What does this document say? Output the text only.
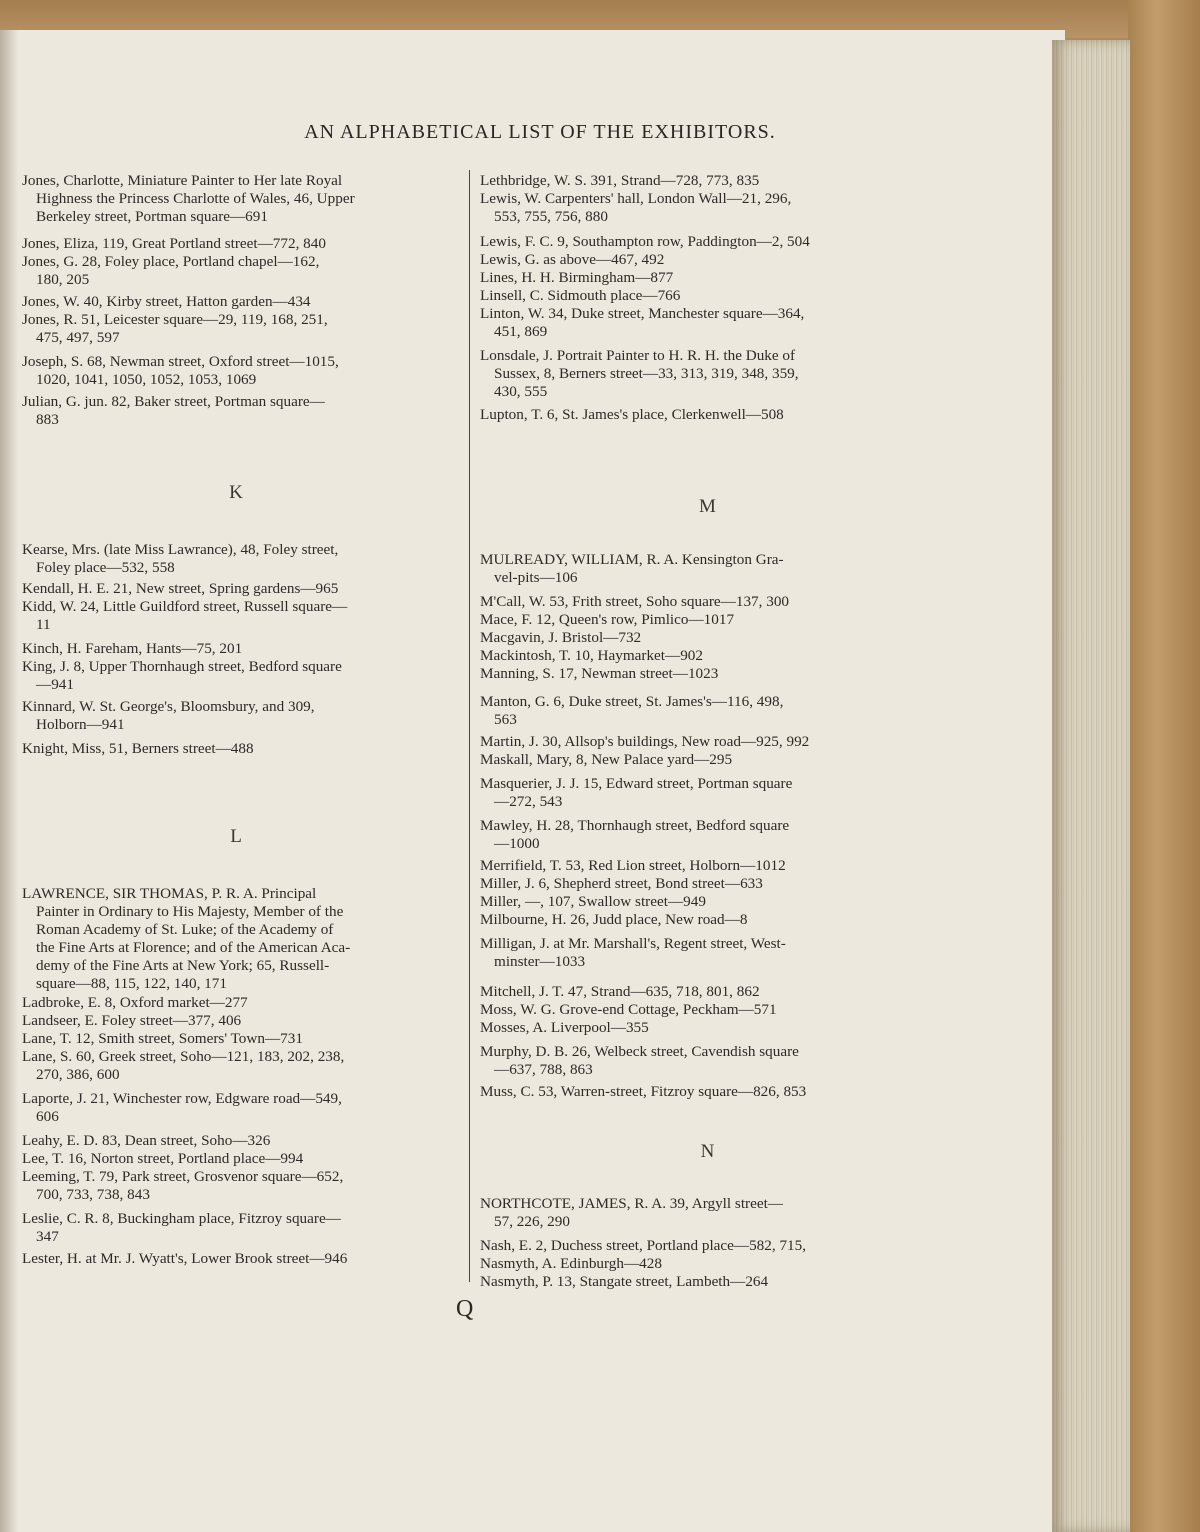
AN ALPHABETICAL LIST OF THE EXHIBITORS.
Jones, Charlotte, Miniature Painter to Her late Royal
Highness the Princess Charlotte of Wales, 46, Upper
Berkeley street, Portman square—691
Jones, Eliza, 119, Great Portland street—772, 840
Jones, G. 28, Foley place, Portland chapel—162,
180, 205
Jones, W. 40, Kirby street, Hatton garden—434
Jones, R. 51, Leicester square—29, 119, 168, 251,
475, 497, 597
Joseph, S. 68, Newman street, Oxford street—1015,
1020, 1041, 1050, 1052, 1053, 1069
Julian, G. jun. 82, Baker street, Portman square—
883
K
Kearse, Mrs. (late Miss Lawrance), 48, Foley street,
Foley place—532, 558
Kendall, H. E. 21, New street, Spring gardens—965
Kidd, W. 24, Little Guildford street, Russell square—
11
Kinch, H. Fareham, Hants—75, 201
King, J. 8, Upper Thornhaugh street, Bedford square
—941
Kinnard, W. St. George's, Bloomsbury, and 309,
Holborn—941
Knight, Miss, 51, Berners street—488
L
LAWRENCE, SIR THOMAS, P. R. A. Principal
Painter in Ordinary to His Majesty, Member of the
Roman Academy of St. Luke; of the Academy of
the Fine Arts at Florence; and of the American Aca-
demy of the Fine Arts at New York; 65, Russell-
square—88, 115, 122, 140, 171
Ladbroke, E. 8, Oxford market—277
Landseer, E. Foley street—377, 406
Lane, T. 12, Smith street, Somers' Town—731
Lane, S. 60, Greek street, Soho—121, 183, 202, 238,
270, 386, 600
Laporte, J. 21, Winchester row, Edgware road—549,
606
Leahy, E. D. 83, Dean street, Soho—326
Lee, T. 16, Norton street, Portland place—994
Leeming, T. 79, Park street, Grosvenor square—652,
700, 733, 738, 843
Leslie, C. R. 8, Buckingham place, Fitzroy square—
347
Lester, H. at Mr. J. Wyatt's, Lower Brook street—946
Lethbridge, W. S. 391, Strand—728, 773, 835
Lewis, W. Carpenters' hall, London Wall—21, 296,
553, 755, 756, 880
Lewis, F. C. 9, Southampton row, Paddington—2, 504
Lewis, G. as above—467, 492
Lines, H. H. Birmingham—877
Linsell, C. Sidmouth place—766
Linton, W. 34, Duke street, Manchester square—364,
451, 869
Lonsdale, J. Portrait Painter to H. R. H. the Duke of
Sussex, 8, Berners street—33, 313, 319, 348, 359,
430, 555
Lupton, T. 6, St. James's place, Clerkenwell—508
M
MULREADY, WILLIAM, R. A. Kensington Gra-
vel-pits—106
M'Call, W. 53, Frith street, Soho square—137, 300
Mace, F. 12, Queen's row, Pimlico—1017
Macgavin, J. Bristol—732
Mackintosh, T. 10, Haymarket—902
Manning, S. 17, Newman street—1023
Manton, G. 6, Duke street, St. James's—116, 498,
563
Martin, J. 30, Allsop's buildings, New road—925, 992
Maskall, Mary, 8, New Palace yard—295
Masquerier, J. J. 15, Edward street, Portman square
—272, 543
Mawley, H. 28, Thornhaugh street, Bedford square
—1000
Merrifield, T. 53, Red Lion street, Holborn—1012
Miller, J. 6, Shepherd street, Bond street—633
Miller, —, 107, Swallow street—949
Milbourne, H. 26, Judd place, New road—8
Milligan, J. at Mr. Marshall's, Regent street, West-
minster—1033
Mitchell, J. T. 47, Strand—635, 718, 801, 862
Moss, W. G. Grove-end Cottage, Peckham—571
Mosses, A. Liverpool—355
Murphy, D. B. 26, Welbeck street, Cavendish square
—637, 788, 863
Muss, C. 53, Warren-street, Fitzroy square—826, 853
N
NORTHCOTE, JAMES, R. A. 39, Argyll street—
57, 226, 290
Nash, E. 2, Duchess street, Portland place—582, 715,
Nasmyth, A. Edinburgh—428
Nasmyth, P. 13, Stangate street, Lambeth—264
Q
